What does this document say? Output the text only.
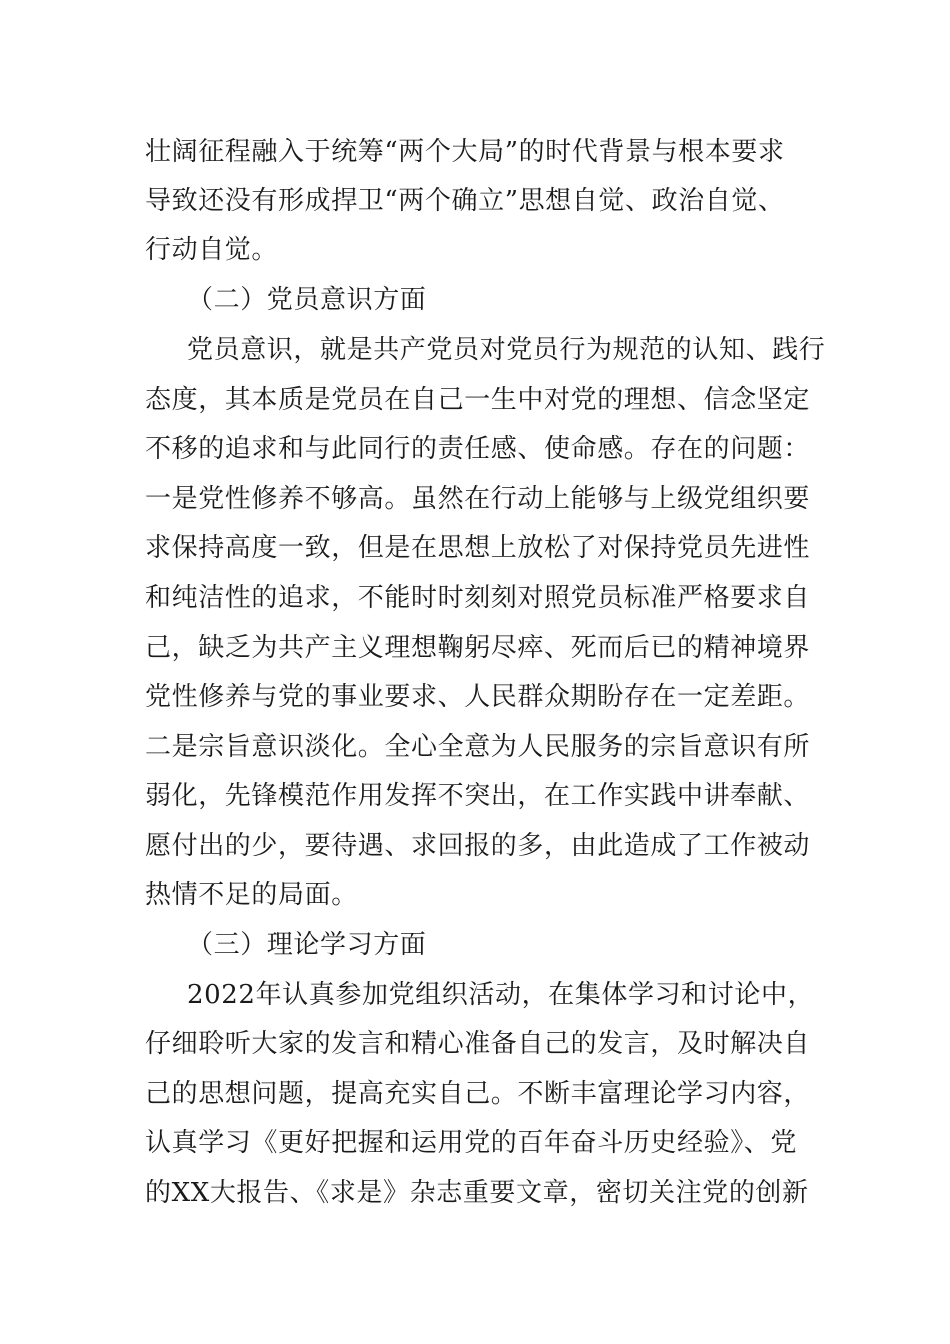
壮阔征程融入于统筹“两个大局”的时代背景与根本要求
导致还没有形成捍卫“两个确立”思想自觉、政治自觉、
行动自觉。
（二）党员意识方面
党员意识，就是共产党员对党员行为规范的认知、践行
态度，其本质是党员在自己一生中对党的理想、信念坚定
不移的追求和与此同行的责任感、使命感。存在的问题：
一是党性修养不够高。虽然在行动上能够与上级党组织要
求保持高度一致，但是在思想上放松了对保持党员先进性
和纯洁性的追求，不能时时刻刻对照党员标准严格要求自
己，缺乏为共产主义理想鞠躬尽瘁、死而后已的精神境界
党性修养与党的事业要求、人民群众期盼存在一定差距。
二是宗旨意识淡化。全心全意为人民服务的宗旨意识有所
弱化，先锋模范作用发挥不突出，在工作实践中讲奉献、
愿付出的少，要待遇、求回报的多，由此造成了工作被动
热情不足的局面。
（三）理论学习方面
2022年认真参加党组织活动，在集体学习和讨论中，
仔细聆听大家的发言和精心准备自己的发言，及时解决自
己的思想问题，提高充实自己。不断丰富理论学习内容，
认真学习《更好把握和运用党的百年奋斗历史经验》、党
的XX大报告、《求是》杂志重要文章，密切关注党的创新
